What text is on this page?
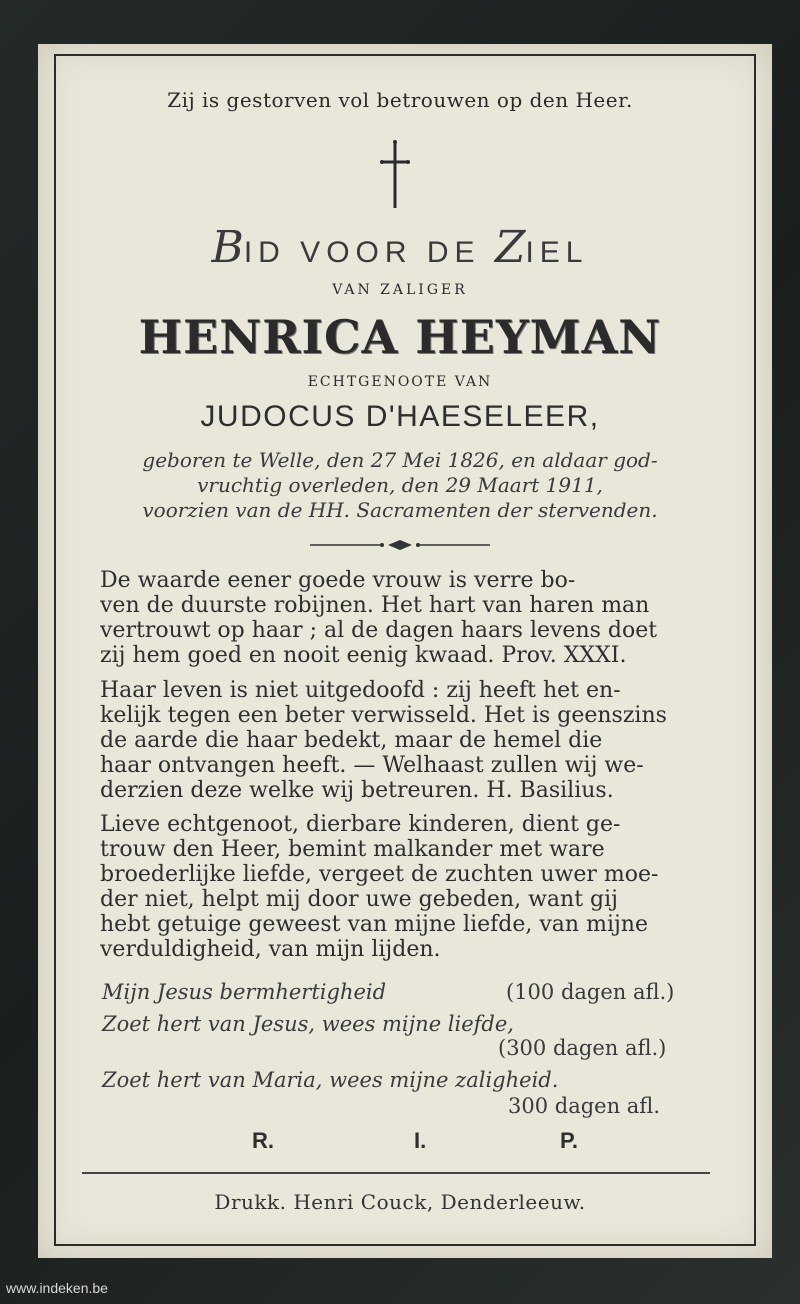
Zij is gestorven vol betrouwen op den Heer.
BID VOOR DE ZIEL
VAN ZALIGER
HENRICA HEYMAN
ECHTGENOOTE VAN
JUDOCUS D'HAESELEER,
geboren te Welle, den 27 Mei 1826, en aldaar god-
vruchtig overleden, den 29 Maart 1911,
voorzien van de HH. Sacramenten der stervenden.
De waarde eener goede vrouw is verre bo-
ven de duurste robijnen. Het hart van haren man
vertrouwt op haar ; al de dagen haars levens doet
zij hem goed en nooit eenig kwaad. Prov. XXXI.
Haar leven is niet uitgedoofd : zij heeft het en-
kelijk tegen een beter verwisseld. Het is geenszins
de aarde die haar bedekt, maar de hemel die
haar ontvangen heeft. — Welhaast zullen wij we-
derzien deze welke wij betreuren. H. Basilius.
Lieve echtgenoot, dierbare kinderen, dient ge-
trouw den Heer, bemint malkander met ware
broederlijke liefde, vergeet de zuchten uwer moe-
der niet, helpt mij door uwe gebeden, want gij
hebt getuige geweest van mijne liefde, van mijne
verduldigheid, van mijn lijden.
Mijn Jesus bermhertigheid	(100 dagen afl.)
Zoet hert van Jesus, wees mijne liefde,
(300 dagen afl.)
Zoet hert van Maria, wees mijne zaligheid.
300 dagen afl.
R.	I.	P.
Drukk. Henri Couck, Denderleeuw.
www.indeken.be
